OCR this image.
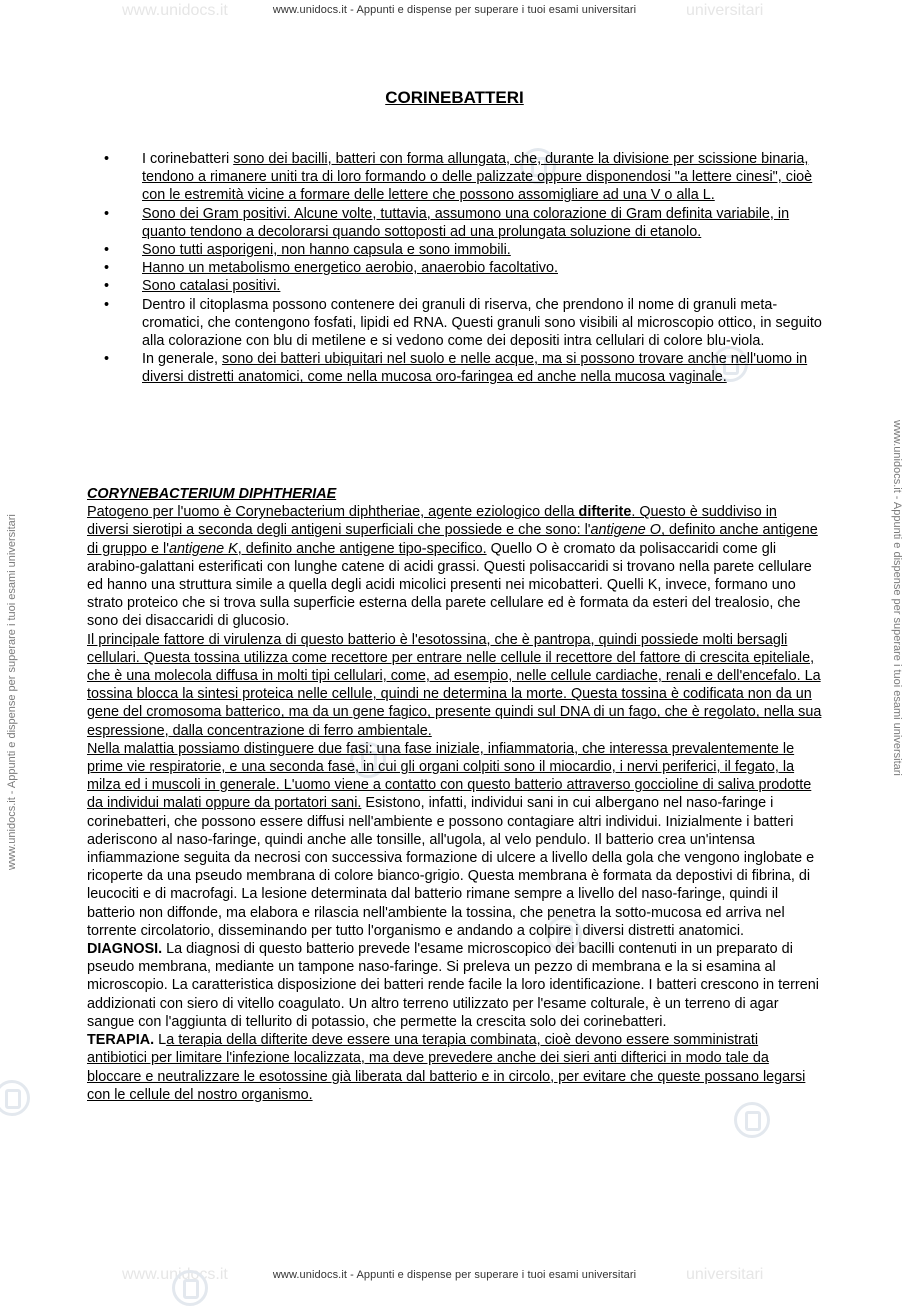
www.unidocs.it - Appunti e dispense per superare i tuoi esami universitari
www.unidocs.it - Appunti e dispense per superare i tuoi esami universitari	www.unidocs.it - Appunti e dispense per superare i tuoi esami universitari
www.unidocs.it	universitari
www.unidocs.it	universitari
CORINEBATTERI
• I corinebatteri sono dei bacilli, batteri con forma allungata, che, durante la divisione per scissione binaria, tendono a rimanere uniti tra di loro formando o delle palizzate oppure disponendosi "a lettere cinesi", cioè con le estremità vicine a formare delle lettere che possono assomigliare ad una V o alla L.
• Sono dei Gram positivi. Alcune volte, tuttavia, assumono una colorazione di Gram definita variabile, in quanto tendono a decolorarsi quando sottoposti ad una prolungata soluzione di etanolo.
• Sono tutti asporigeni, non hanno capsula e sono immobili.
• Hanno un metabolismo energetico aerobio, anaerobio facoltativo.
• Sono catalasi positivi.
• Dentro il citoplasma possono contenere dei granuli di riserva, che prendono il nome di granuli meta-cromatici, che contengono fosfati, lipidi ed RNA. Questi granuli sono visibili al microscopio ottico, in seguito alla colorazione con blu di metilene e si vedono come dei depositi intra cellulari di colore blu-viola.
• In generale, sono dei batteri ubiquitari nel suolo e nelle acque, ma si possono trovare anche nell'uomo in diversi distretti anatomici, come nella mucosa oro-faringea ed anche nella mucosa vaginale.

CORYNEBACTERIUM DIPHTHERIAE

Patogeno per l'uomo è Corynebacterium diphtheriae, agente eziologico della difterite. Questo è suddiviso in diversi sierotipi a seconda degli antigeni superficiali che possiede e che sono: l'antigene O, definito anche antigene di gruppo e l'antigene K, definito anche antigene tipo-specifico. Quello O è cromato da polisaccaridi come gli arabino-galattani esterificati con lunghe catene di acidi grassi. Questi polisaccaridi si trovano nella parete cellulare ed hanno una struttura simile a quella degli acidi micolici presenti nei micobatteri. Quelli K, invece, formano uno strato proteico che si trova sulla superficie esterna della parete cellulare ed è formata da esteri del trealosio, che sono dei disaccaridi di glucosio.

Il principale fattore di virulenza di questo batterio è l'esotossina, che è pantropa, quindi possiede molti bersagli cellulari. Questa tossina utilizza come recettore per entrare nelle cellule il recettore del fattore di crescita epiteliale, che è una molecola diffusa in molti tipi cellulari, come, ad esempio, nelle cellule cardiache, renali e dell'encefalo. La tossina blocca la sintesi proteica nelle cellule, quindi ne determina la morte. Questa tossina è codificata non da un gene del cromosoma batterico, ma da un gene fagico, presente quindi sul DNA di un fago, che è regolato, nella sua espressione, dalla concentrazione di ferro ambientale.

Nella malattia possiamo distinguere due fasi: una fase iniziale, infiammatoria, che interessa prevalentemente le prime vie respiratorie, e una seconda fase, in cui gli organi colpiti sono il miocardio, i nervi periferici, il fegato, la milza ed i muscoli in generale. L'uomo viene a contatto con questo batterio attraverso goccioline di saliva prodotte da individui malati oppure da portatori sani. Esistono, infatti, individui sani in cui albergano nel naso-faringe i corinebatteri, che possono essere diffusi nell'ambiente e possono contagiare altri individui. Inizialmente i batteri aderiscono al naso-faringe, quindi anche alle tonsille, all'ugola, al velo pendulo. Il batterio crea un'intensa infiammazione seguita da necrosi con successiva formazione di ulcere a livello della gola che vengono inglobate e ricoperte da una pseudo membrana di colore bianco-grigio. Questa membrana è formata da depostivi di fibrina, di leucociti e di macrofagi. La lesione determinata dal batterio rimane sempre a livello del naso-faringe, quindi il batterio non diffonde, ma elabora e rilascia nell'ambiente la tossina, che penetra la sotto-mucosa ed arriva nel torrente circolatorio, disseminando per tutto l'organismo e andando a colpire i diversi distretti anatomici.

DIAGNOSI. La diagnosi di questo batterio prevede l'esame microscopico dei bacilli contenuti in un preparato di pseudo membrana, mediante un tampone naso-faringe. Si preleva un pezzo di membrana e la si esamina al microscopio. La caratteristica disposizione dei batteri rende facile la loro identificazione. I batteri crescono in terreni addizionati con siero di vitello coagulato. Un altro terreno utilizzato per l'esame colturale, è un terreno di agar sangue con l'aggiunta di tellurito di potassio, che permette la crescita solo dei corinebatteri.

TERAPIA. La terapia della difterite deve essere una terapia combinata, cioè devono essere somministrati antibiotici per limitare l'infezione localizzata, ma deve prevedere anche dei sieri anti difterici in modo tale da bloccare e neutralizzare le esotossine già liberata dal batterio e in circolo, per evitare che queste possano legarsi con le cellule del nostro organismo.

www.unidocs.it - Appunti e dispense per superare i tuoi esami universitari
